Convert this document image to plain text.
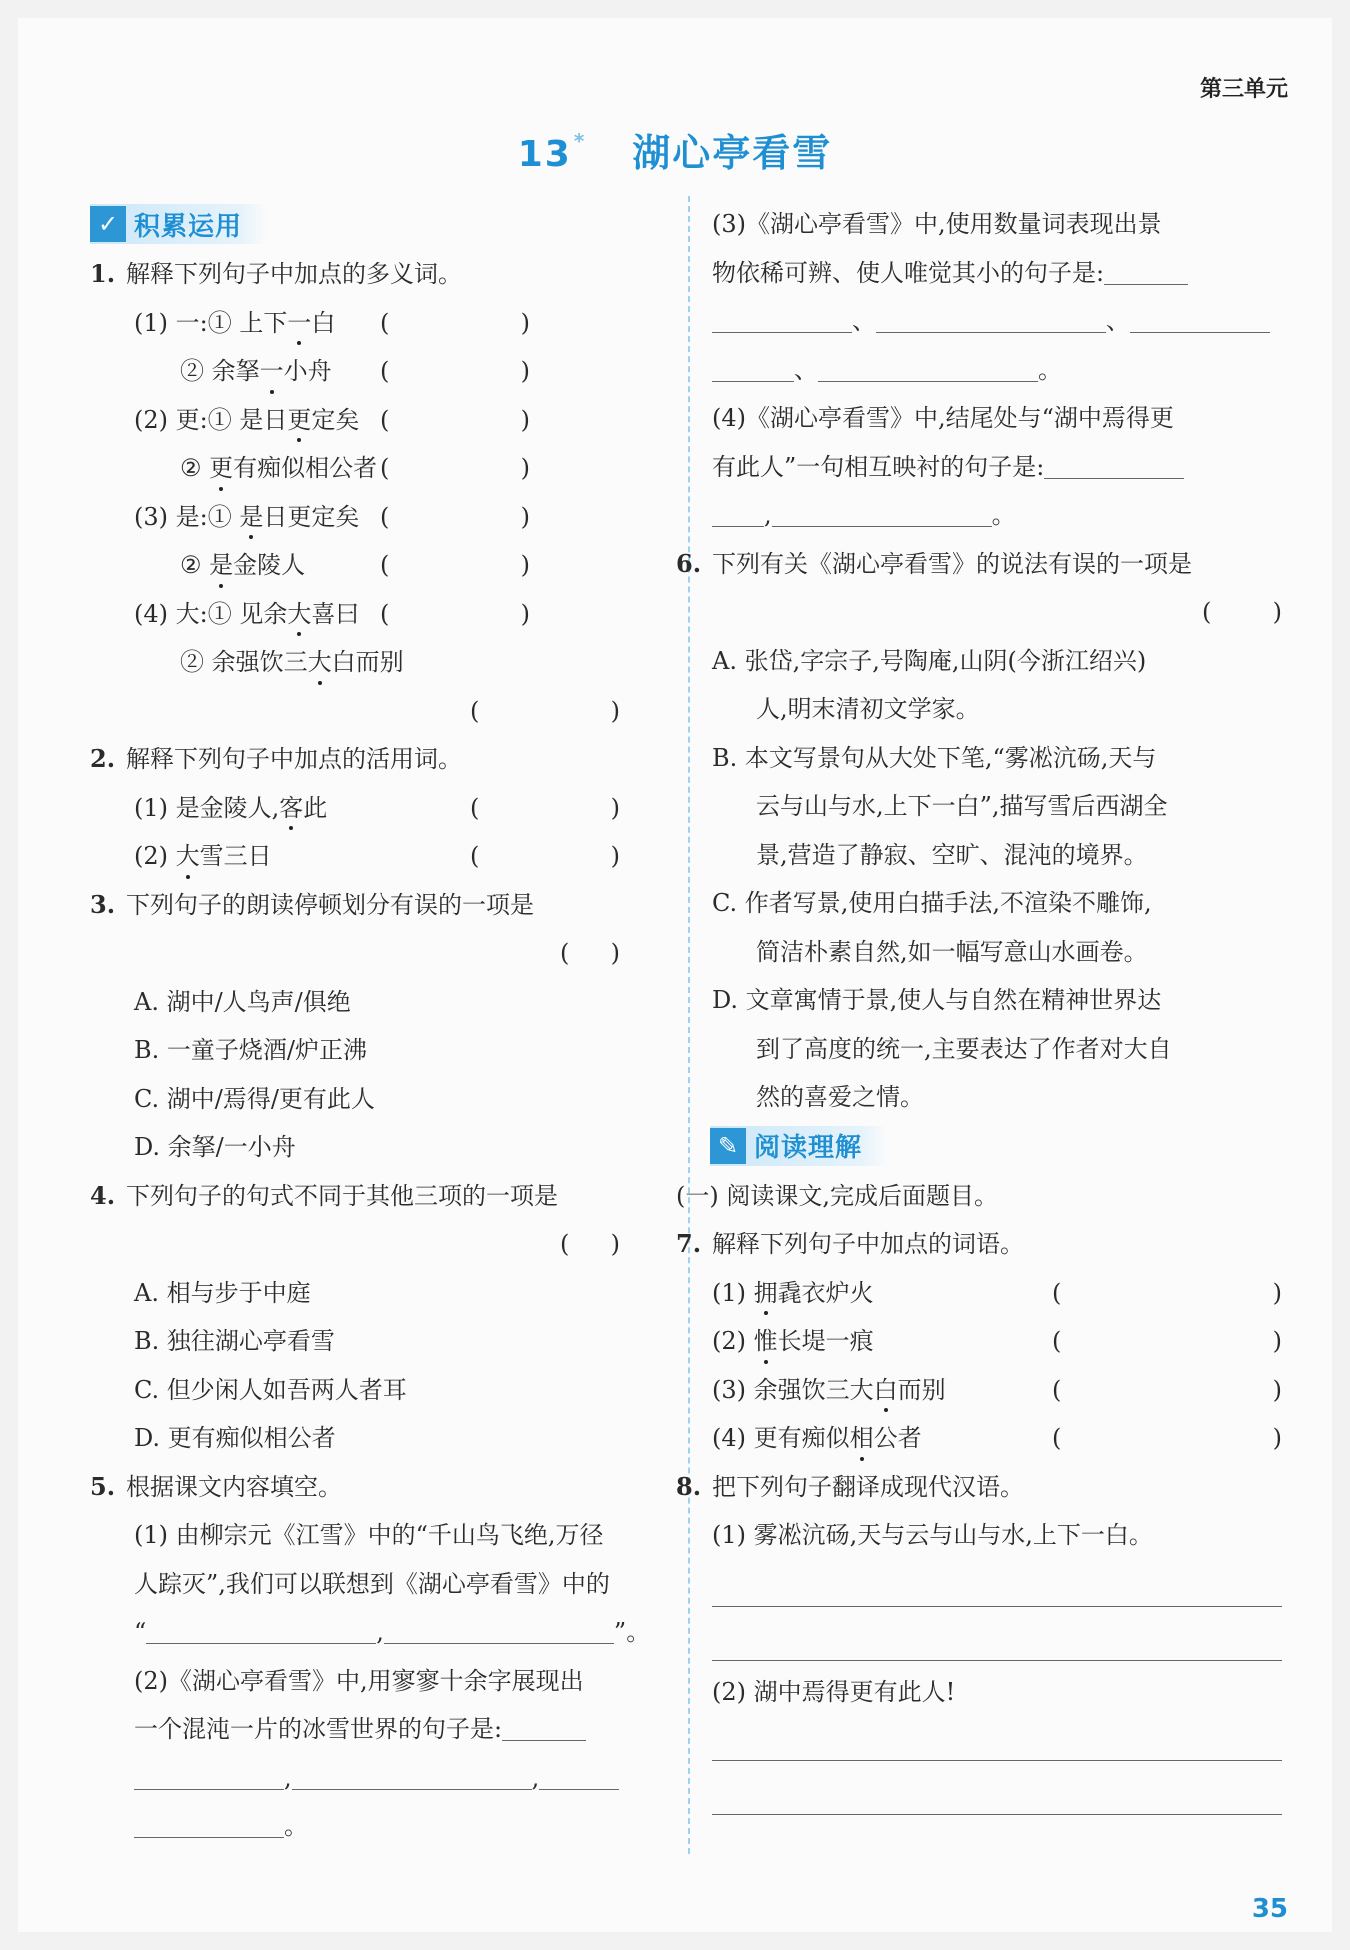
第三单元
13 * 湖心亭看雪
✓ 积累运用
1. 解释下列句子中加点的多义词。
(1) 一:① 上下一白 (	)
② 余拏一小舟 (	)
(2) 更:① 是日更定矣 (	)
② 更有痴似相公者 (	)
(3) 是:① 是日更定矣 (	)
② 是金陵人	(	)
(4) 大:① 见余大喜曰 (	)
② 余强饮三大白而别
(	)
2. 解释下列句子中加点的活用词。
(1) 是金陵人,客此	(	)
(2) 大雪三日	(	)
3. 下列句子的朗读停顿划分有误的一项是
( )
A. 湖中/人鸟声/俱绝
B. 一童子烧酒/炉正沸
C. 湖中/焉得/更有此人
D. 余拏/一小舟
4. 下列句子的句式不同于其他三项的一项是
( )
A. 相与步于中庭
B. 独往湖心亭看雪
C. 但少闲人如吾两人者耳
D. 更有痴似相公者
5. 根据课文内容填空。
(1) 由柳宗元《江雪》中的“千山鸟飞绝,万径
人踪灭”,我们可以联想到《湖心亭看雪》中的
“	,	”。
(2)《湖心亭看雪》中,用寥寥十余字展现出
一个混沌一片的冰雪世界的句子是:
,	,
。
(3)《湖心亭看雪》中,使用数量词表现出景
物依稀可辨、使人唯觉其小的句子是:
、	、
、	。
(4)《湖心亭看雪》中,结尾处与“湖中焉得更
有此人”一句相互映衬的句子是:
,	。
6. 下列有关《湖心亭看雪》的说法有误的一项是
(	)
A. 张岱,字宗子,号陶庵,山阴(今浙江绍兴)
人,明末清初文学家。
B. 本文写景句从大处下笔,“雾凇沆砀,天与
云与山与水,上下一白”,描写雪后西湖全
景,营造了静寂、空旷、混沌的境界。
C. 作者写景,使用白描手法,不渲染不雕饰,
简洁朴素自然,如一幅写意山水画卷。
D. 文章寓情于景,使人与自然在精神世界达
到了高度的统一,主要表达了作者对大自
然的喜爱之情。
✎ 阅读理解
(一) 阅读课文,完成后面题目。
7. 解释下列句子中加点的词语。
(1) 拥毳衣炉火	(	)
(2) 惟长堤一痕	(	)
(3) 余强饮三大白而别	(	)
(4) 更有痴似相公者	(	)
8. 把下列句子翻译成现代汉语。
(1) 雾凇沆砀,天与云与山与水,上下一白。
(2) 湖中焉得更有此人!
35
